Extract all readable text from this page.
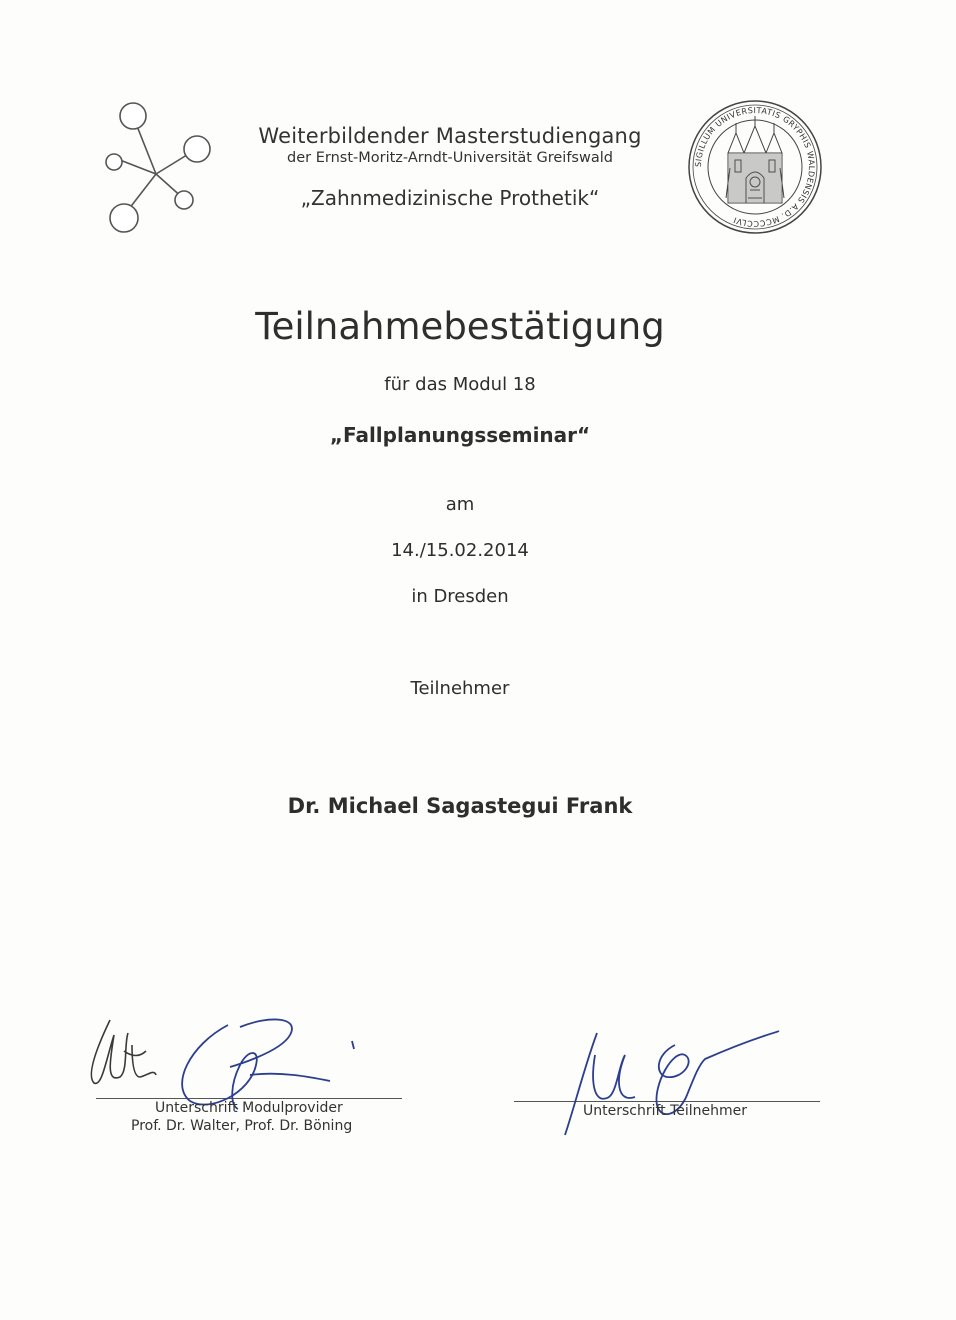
Weiterbildender Masterstudiengang
der Ernst-Moritz-Arndt-Universität Greifswald
„Zahnmedizinische Prothetik“
SIGILLUM UNIVERSITATIS GRYPHIS WALDENSIS A.D. MCCCCLVI
Teilnahmebestätigung
für das Modul 18
„Fallplanungsseminar“
am
14./15.02.2014
in Dresden
Teilnehmer
Dr. Michael Sagastegui Frank
Unterschrift Modulprovider
Prof. Dr. Walter, Prof. Dr. Böning
Unterschrift Teilnehmer
